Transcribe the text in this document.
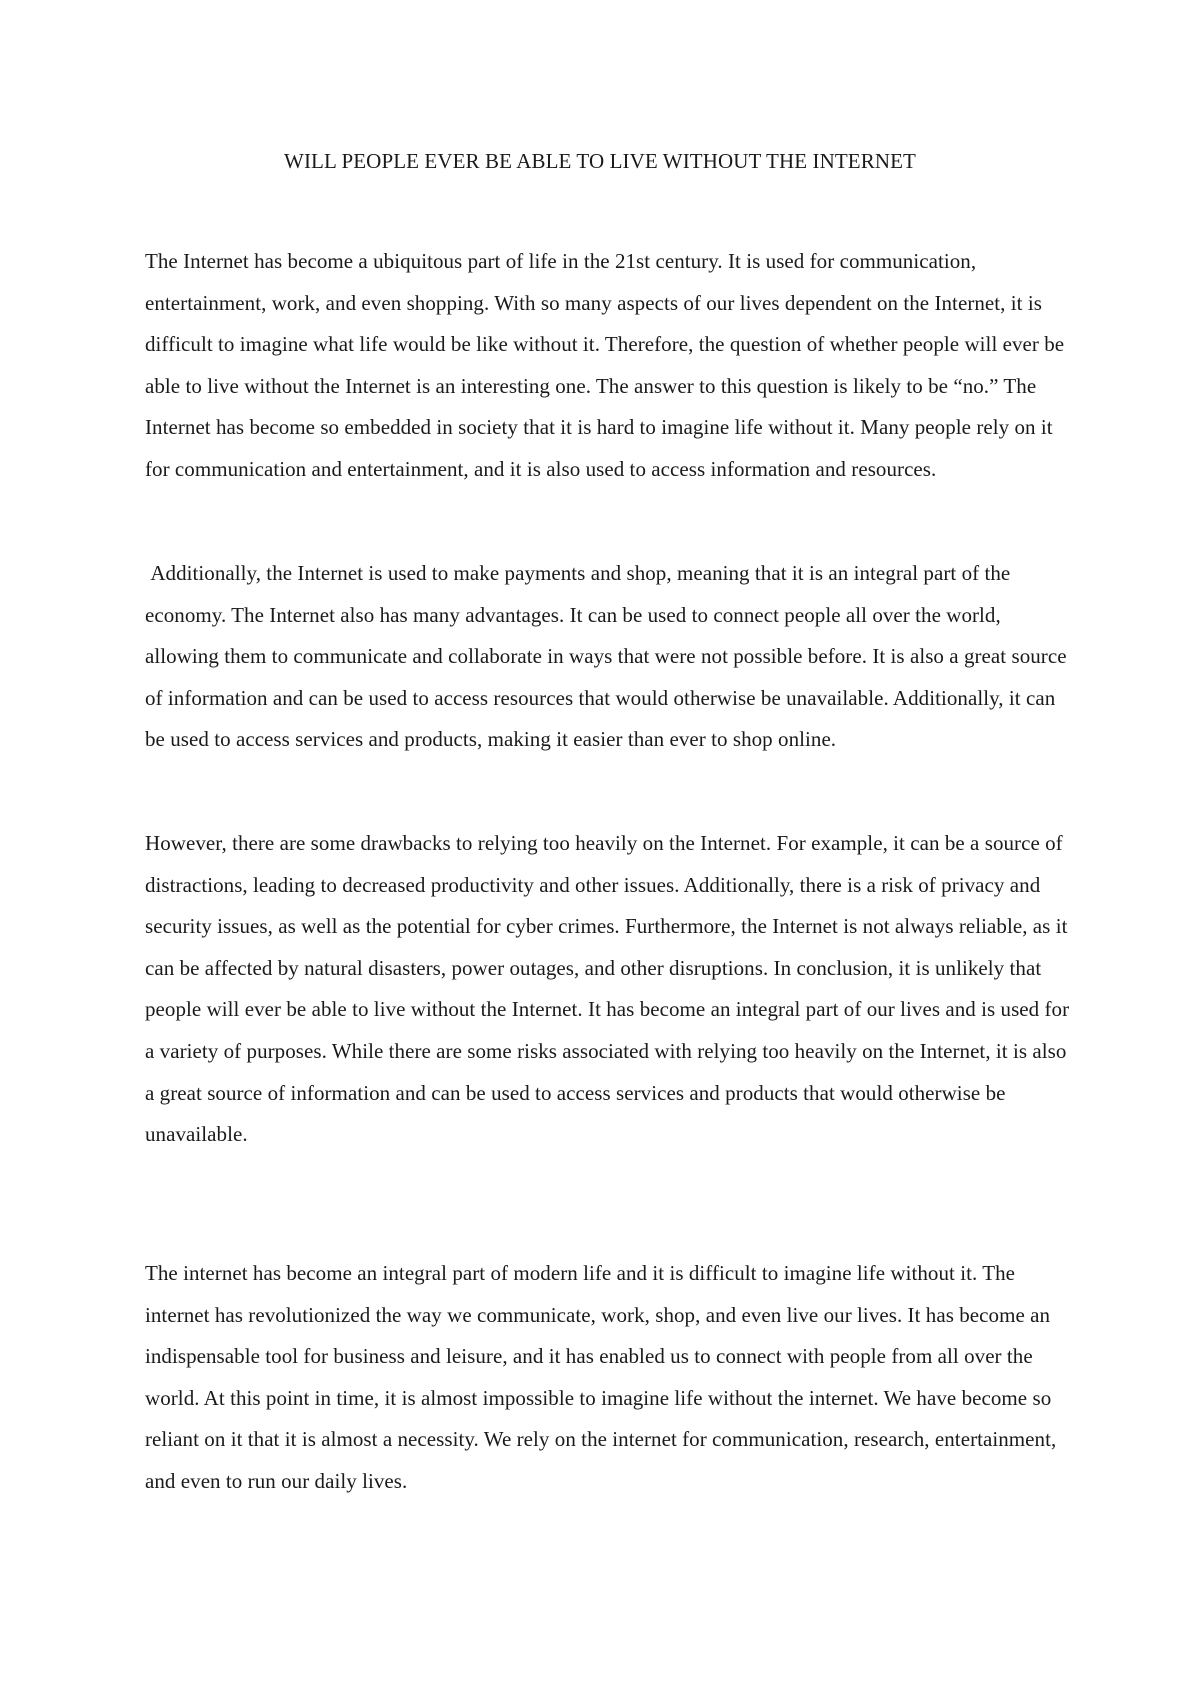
WILL PEOPLE EVER BE ABLE TO LIVE WITHOUT THE INTERNET

The Internet has become a ubiquitous part of life in the 21st century. It is used for communication, entertainment, work, and even shopping. With so many aspects of our lives dependent on the Internet, it is difficult to imagine what life would be like without it. Therefore, the question of whether people will ever be able to live without the Internet is an interesting one. The answer to this question is likely to be “no.” The Internet has become so embedded in society that it is hard to imagine life without it. Many people rely on it for communication and entertainment, and it is also used to access information and resources.

Additionally, the Internet is used to make payments and shop, meaning that it is an integral part of the economy. The Internet also has many advantages. It can be used to connect people all over the world, allowing them to communicate and collaborate in ways that were not possible before. It is also a great source of information and can be used to access resources that would otherwise be unavailable. Additionally, it can be used to access services and products, making it easier than ever to shop online.

However, there are some drawbacks to relying too heavily on the Internet. For example, it can be a source of distractions, leading to decreased productivity and other issues. Additionally, there is a risk of privacy and security issues, as well as the potential for cyber crimes. Furthermore, the Internet is not always reliable, as it can be affected by natural disasters, power outages, and other disruptions. In conclusion, it is unlikely that people will ever be able to live without the Internet. It has become an integral part of our lives and is used for a variety of purposes. While there are some risks associated with relying too heavily on the Internet, it is also a great source of information and can be used to access services and products that would otherwise be unavailable.

The internet has become an integral part of modern life and it is difficult to imagine life without it. The internet has revolutionized the way we communicate, work, shop, and even live our lives. It has become an indispensable tool for business and leisure, and it has enabled us to connect with people from all over the world. At this point in time, it is almost impossible to imagine life without the internet. We have become so reliant on it that it is almost a necessity. We rely on the internet for communication, research, entertainment, and even to run our daily lives.
